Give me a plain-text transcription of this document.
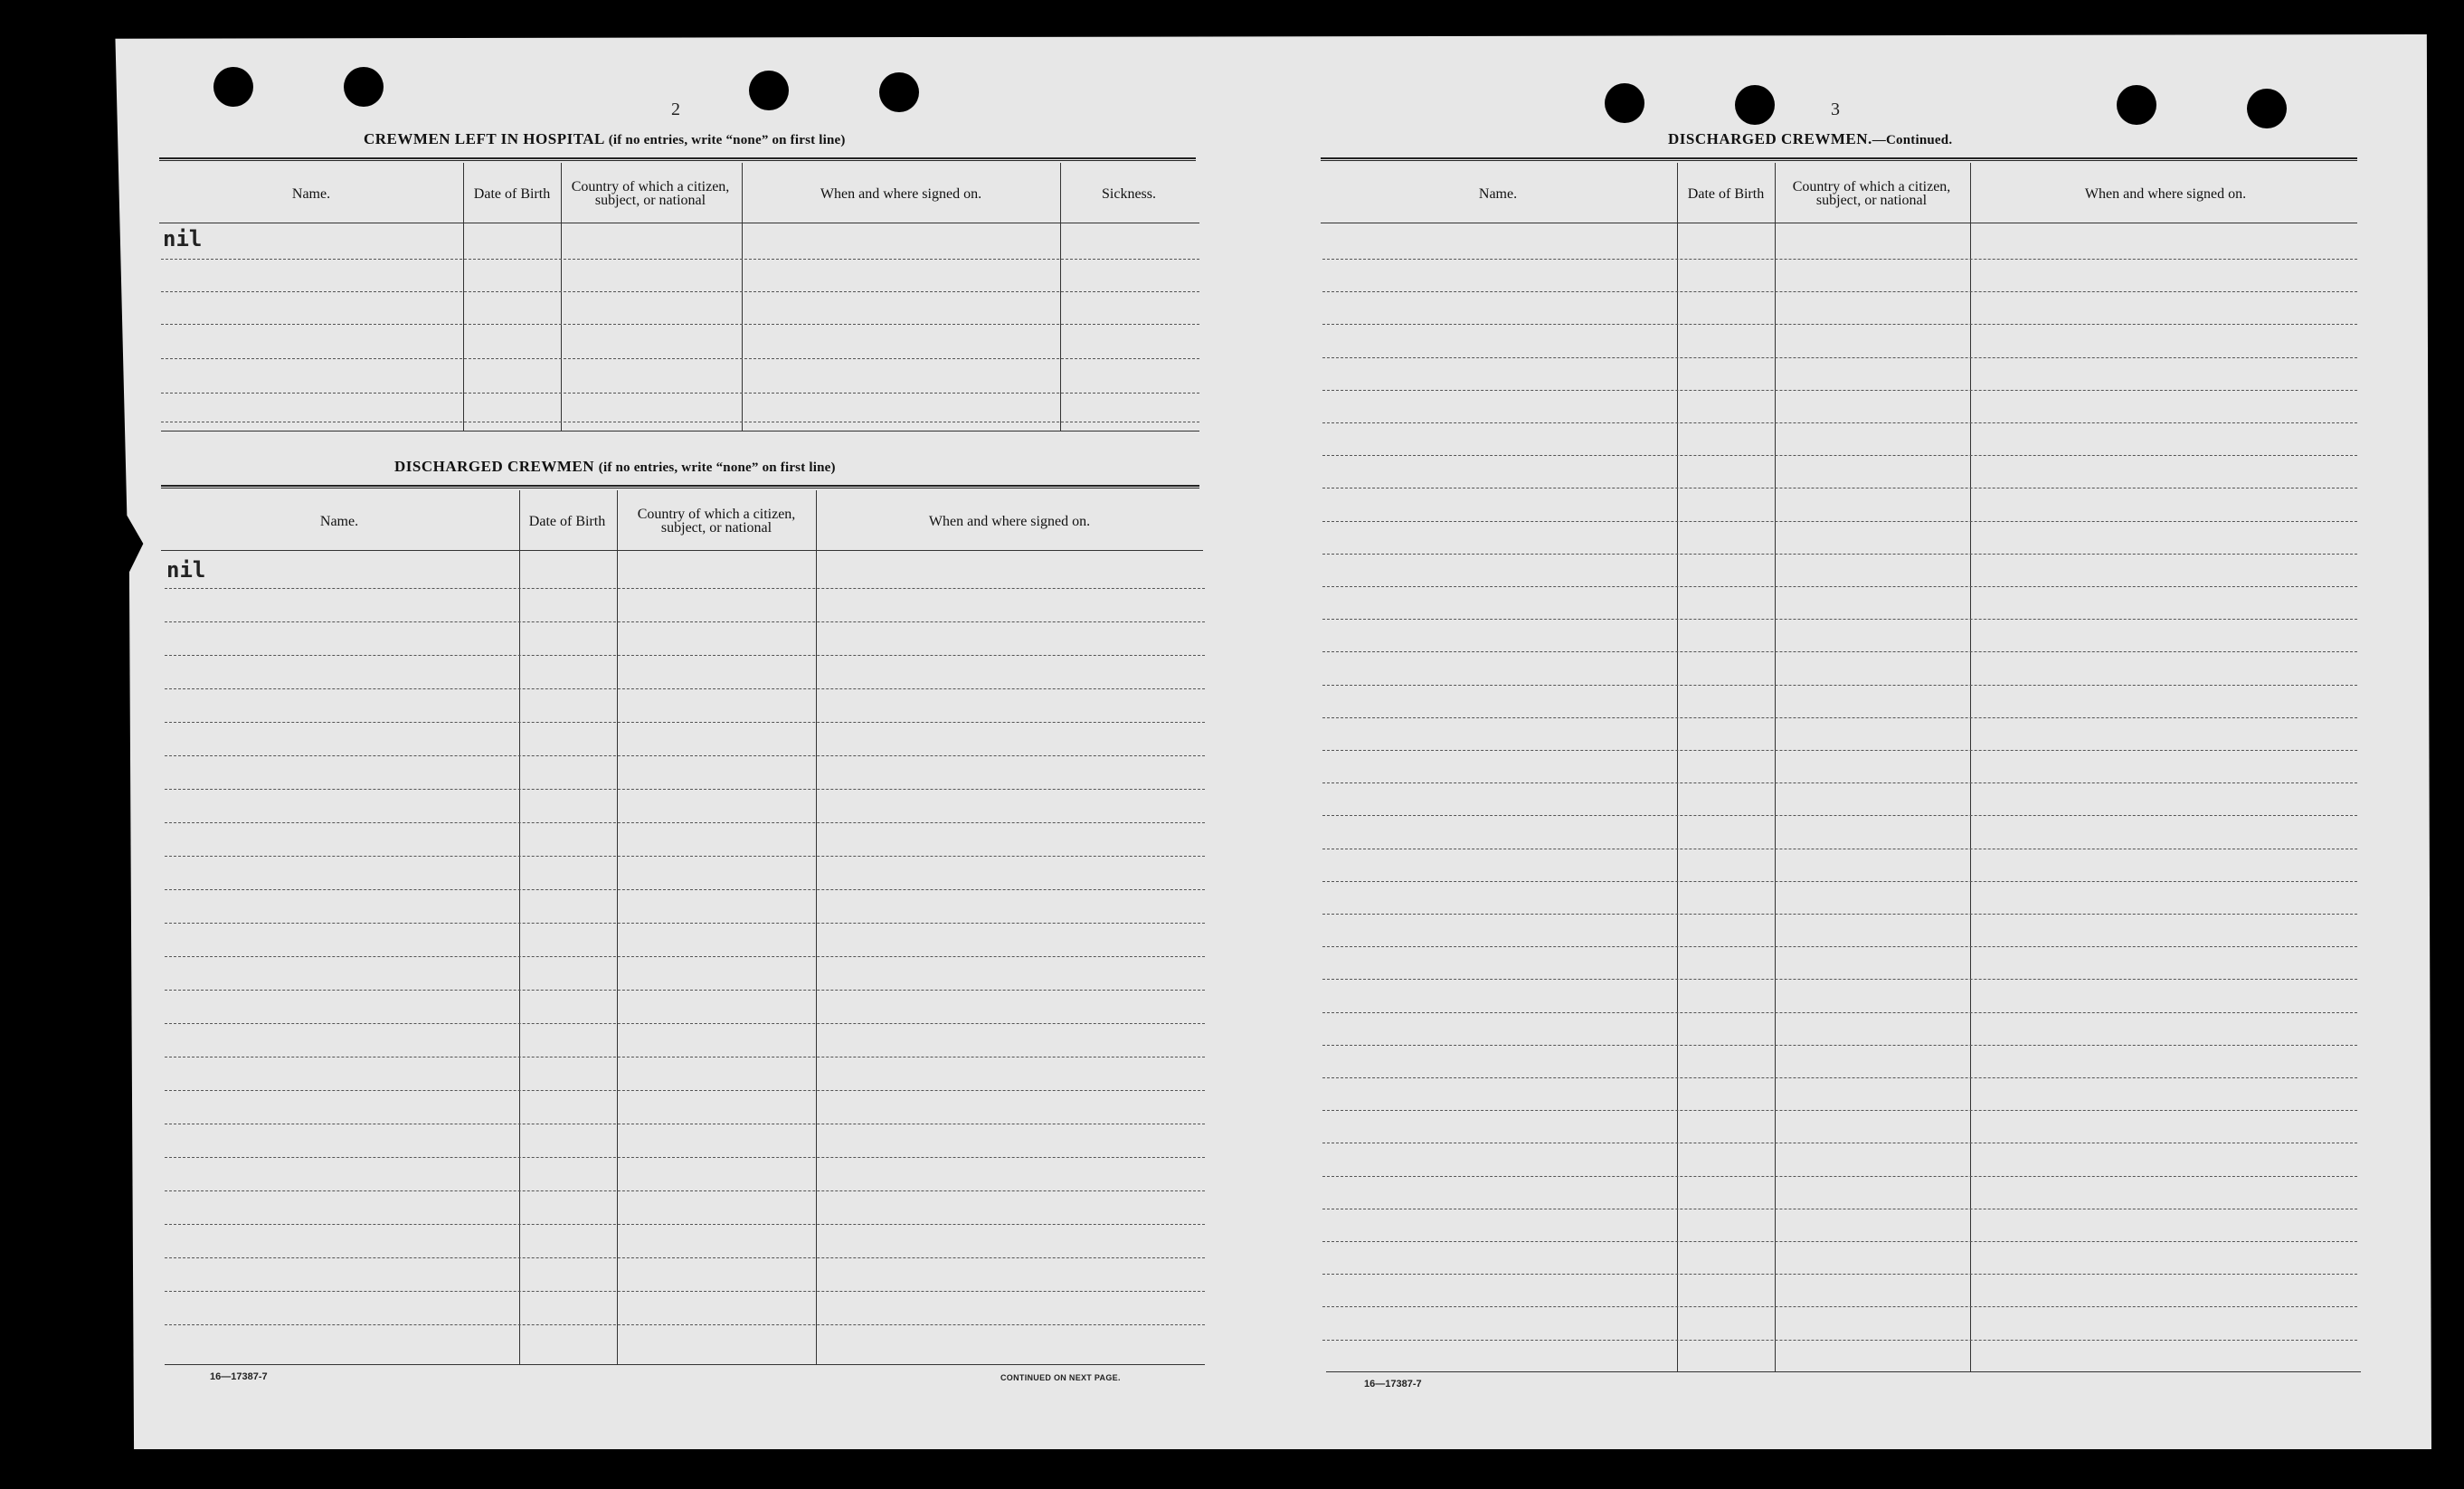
2
CREWMEN LEFT IN HOSPITAL (if no entries, write “none” on first line)
Name.	Date of Birth	Country of which a citizen, subject, or national	When and where signed on.	Sickness.
nil
DISCHARGED CREWMEN (if no entries, write “none” on first line)
Name.	Date of Birth	Country of which a citizen, subject, or national	When and where signed on.
nil
16—17387-7	CONTINUED ON NEXT PAGE.
3
DISCHARGED CREWMEN.—Continued.
Name.	Date of Birth	Country of which a citizen, subject, or national	When and where signed on.
16—17387-7
